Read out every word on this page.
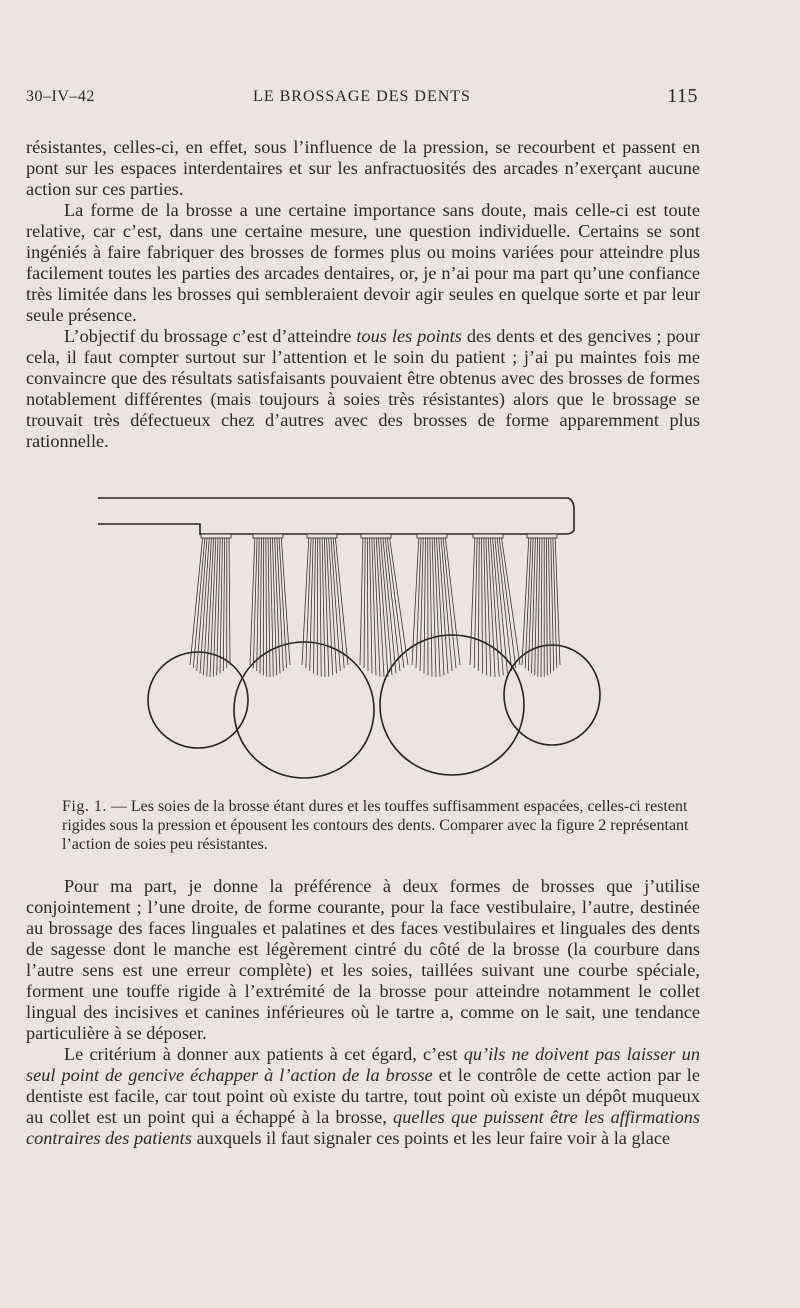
30–IV–42	LE BROSSAGE DES DENTS	115

résistantes, celles-ci, en effet, sous l’influence de la pression, se recourbent et passent en pont sur les espaces interdentaires et sur les anfractuosités des arcades n’exerçant aucune action sur ces parties.

La forme de la brosse a une certaine importance sans doute, mais celle-ci est toute relative, car c’est, dans une certaine mesure, une question individuelle. Certains se sont ingéniés à faire fabriquer des brosses de formes plus ou moins variées pour atteindre plus facilement toutes les parties des arcades dentaires, or, je n’ai pour ma part qu’une confiance très limitée dans les brosses qui sembleraient devoir agir seules en quelque sorte et par leur seule présence.

L’objectif du brossage c’est d’atteindre tous les points des dents et des gencives ; pour cela, il faut compter surtout sur l’attention et le soin du patient ; j’ai pu maintes fois me convaincre que des résultats satisfaisants pouvaient être obtenus avec des brosses de formes notablement différentes (mais toujours à soies très résistantes) alors que le brossage se trouvait très défectueux chez d’autres avec des brosses de forme apparemment plus rationnelle.

Fig. 1. — Les soies de la brosse étant dures et les touffes suffisamment espacées, celles-ci restent rigides sous la pression et épousent les contours des dents. Comparer avec la figure 2 représentant l’action de soies peu résistantes.

Pour ma part, je donne la préférence à deux formes de brosses que j’utilise conjointement ; l’une droite, de forme courante, pour la face vestibulaire, l’autre, destinée au brossage des faces linguales et palatines et des faces vestibulaires et linguales des dents de sagesse dont le manche est légèrement cintré du côté de la brosse (la courbure dans l’autre sens est une erreur complète) et les soies, taillées suivant une courbe spéciale, forment une touffe rigide à l’extrémité de la brosse pour atteindre notamment le collet lingual des incisives et canines inférieures où le tartre a, comme on le sait, une tendance particulière à se déposer.

Le critérium à donner aux patients à cet égard, c’est qu’ils ne doivent pas laisser un seul point de gencive échapper à l’action de la brosse et le contrôle de cette action par le dentiste est facile, car tout point où existe du tartre, tout point où existe un dépôt muqueux au collet est un point qui a échappé à la brosse, quelles que puissent être les affirmations contraires des patients auxquels il faut signaler ces points et les leur faire voir à la glace
